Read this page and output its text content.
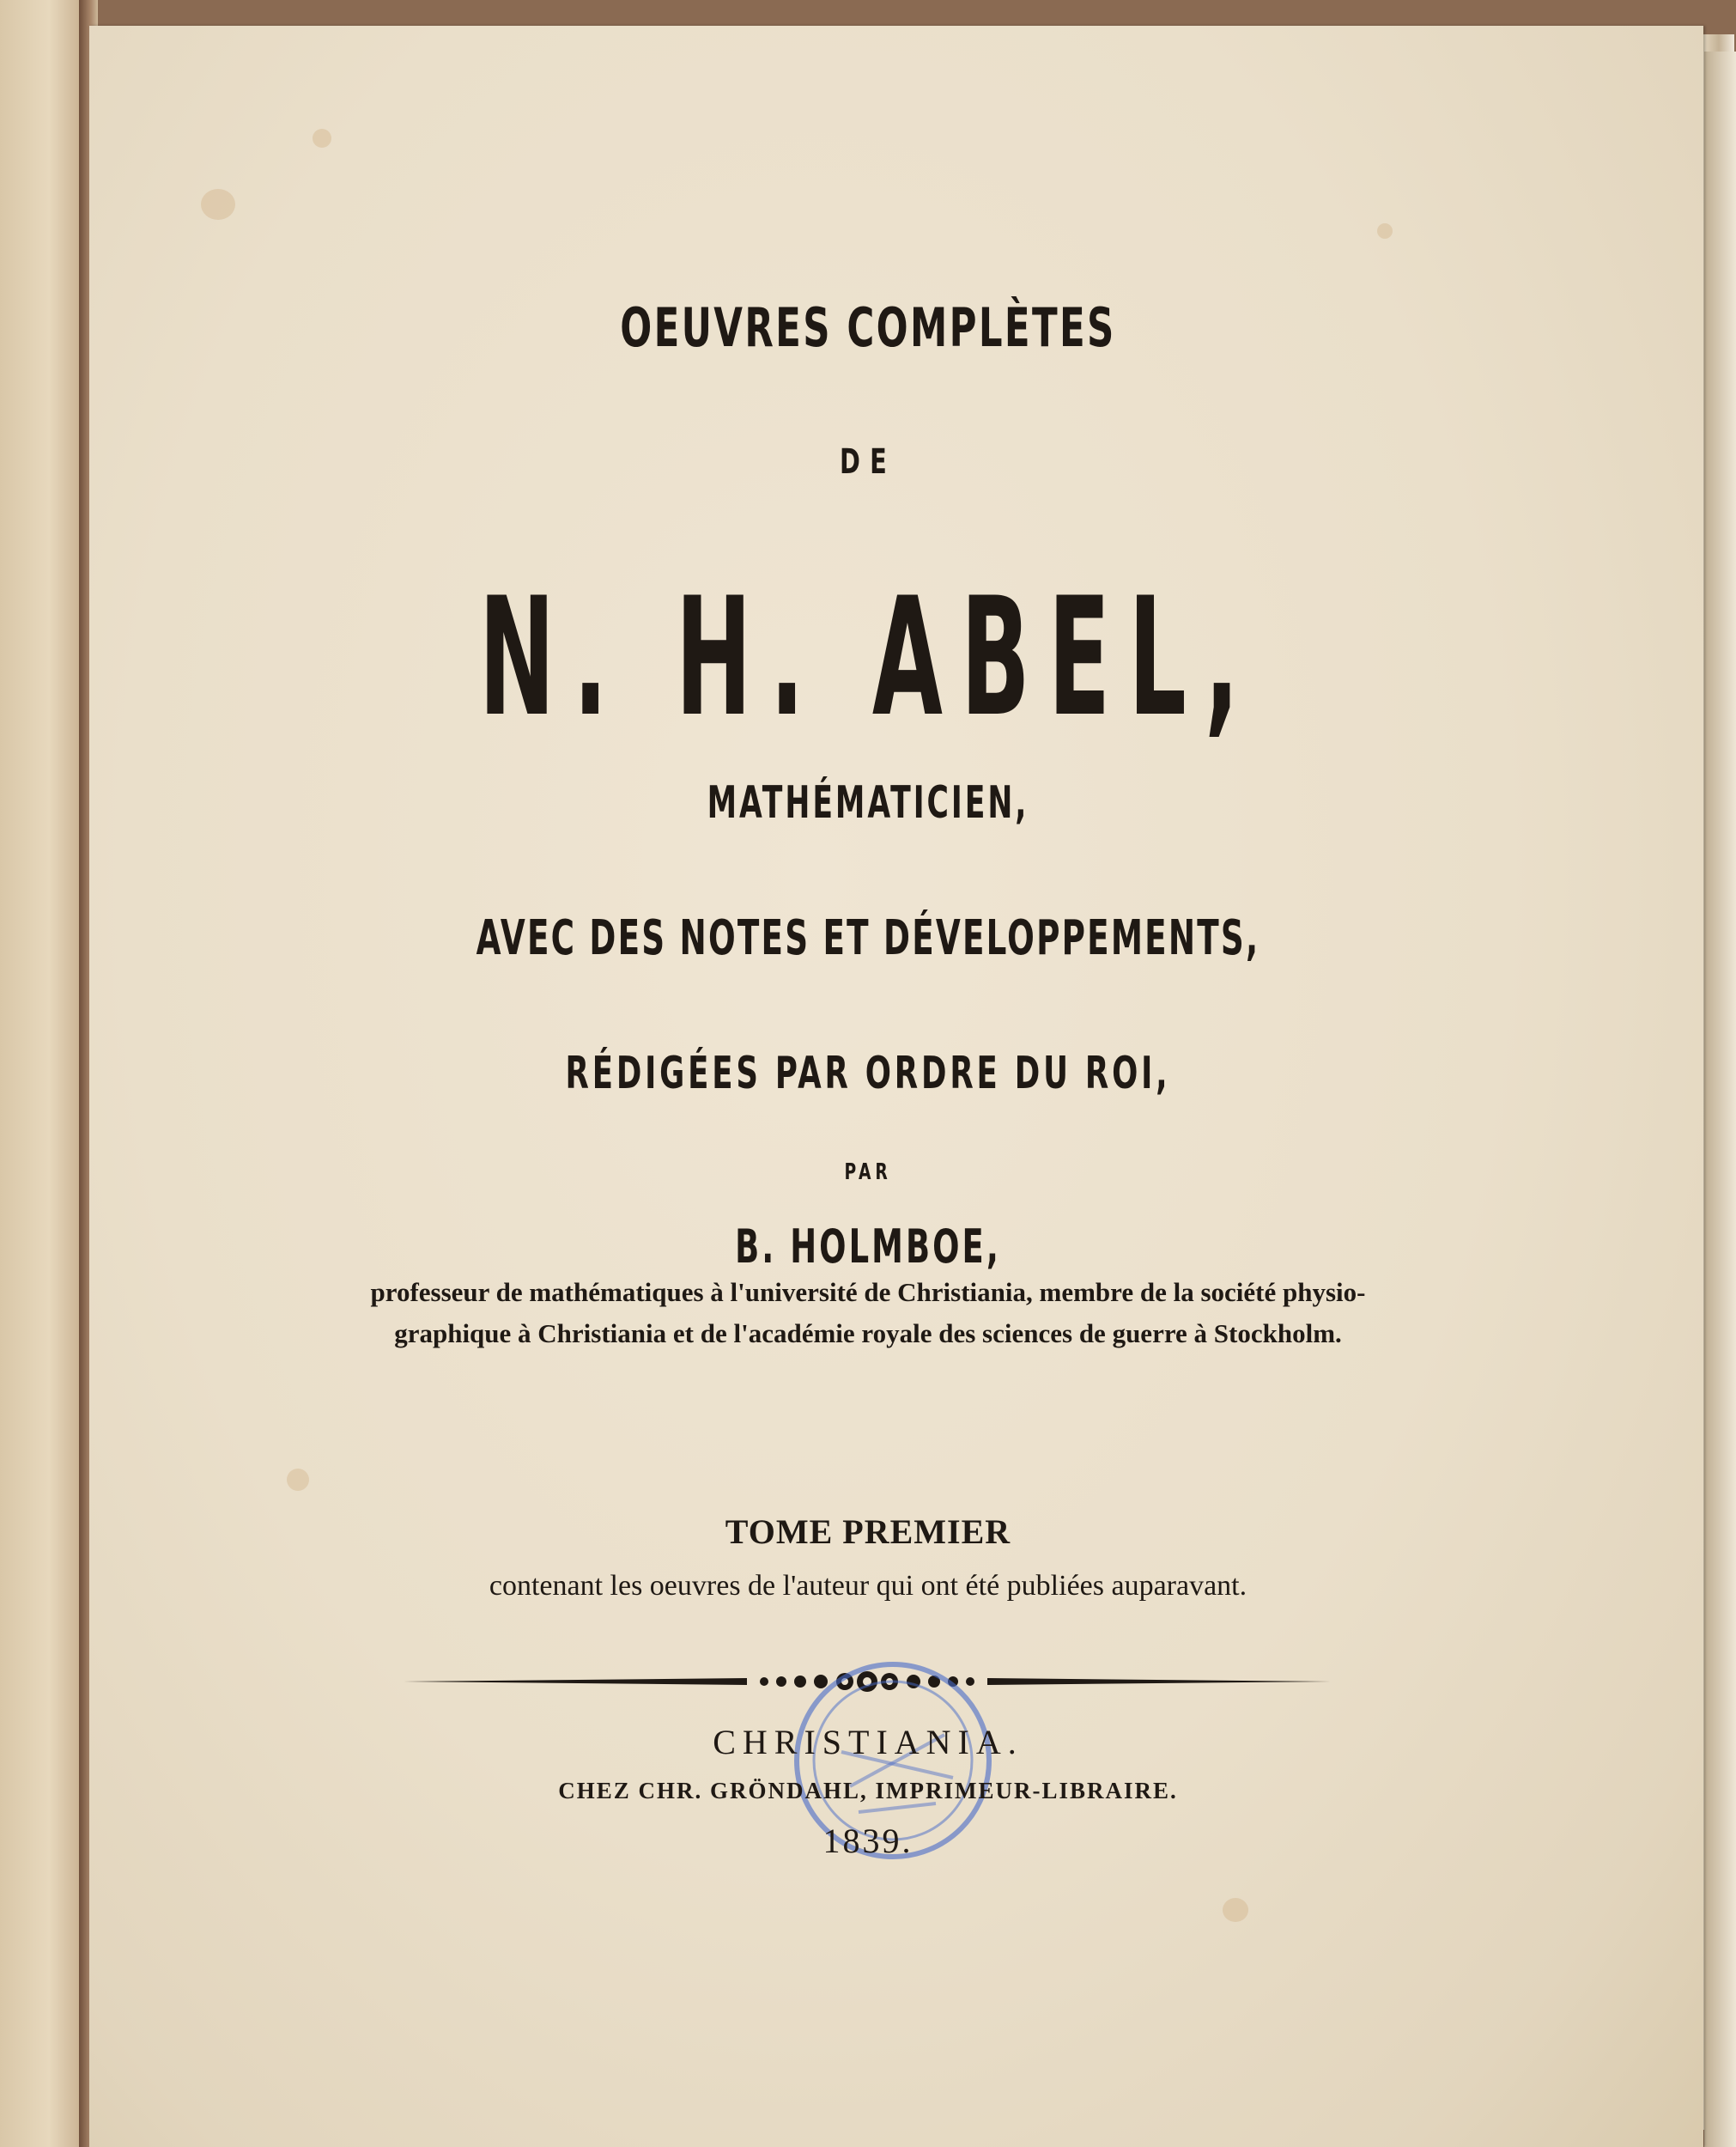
OEUVRES COMPLÈTES
DE
N. H. ABEL,
MATHÉMATICIEN,
AVEC DES NOTES ET DÉVELOPPEMENTS,
RÉDIGÉES PAR ORDRE DU ROI,
PAR
B. HOLMBOE,
professeur de mathématiques à l'université de Christiania, membre de la société physio-
graphique à Christiania et de l'académie royale des sciences de guerre à Stockholm.
TOME PREMIER
contenant les oeuvres de l'auteur qui ont été publiées auparavant.
CHRISTIANIA.
CHEZ CHR. GRÖNDAHL, IMPRIMEUR-LIBRAIRE.
1839.
